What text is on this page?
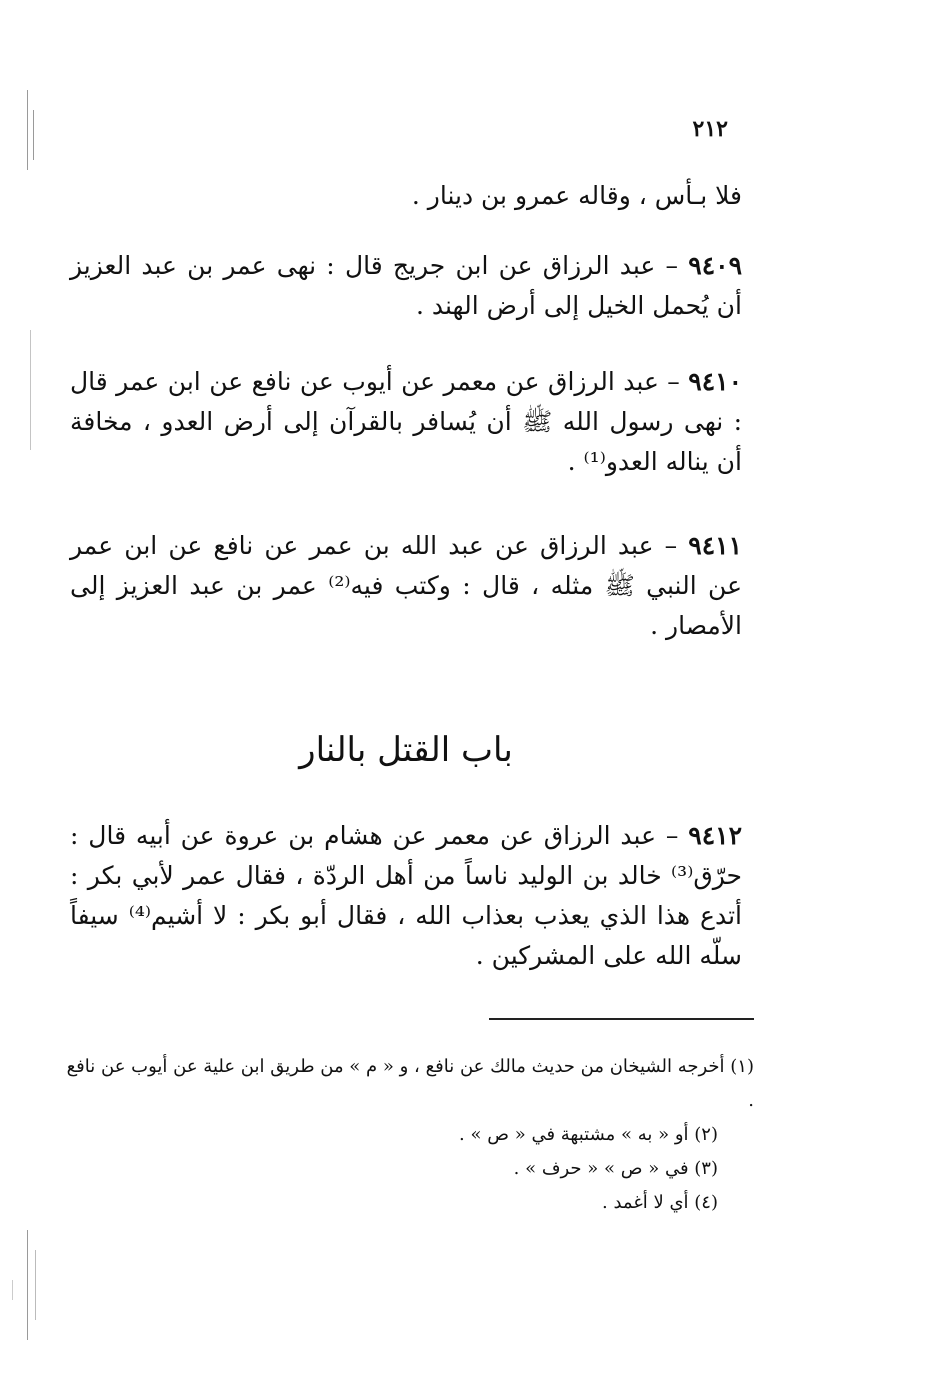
٢١٢

فلا بـأس ، وقاله عمرو بن دينار .

٩٤٠٩ – عبد الرزاق عن ابن جريج قال : نهى عمر بن عبد العزيز أن يُحمل الخيل إلى أرض الهند .

٩٤١٠ – عبد الرزاق عن معمر عن أيوب عن نافع عن ابن عمر قال : نهى رسول الله ﷺ أن يُسافر بالقرآن إلى أرض العدو ، مخافة أن يناله العدو⁽¹⁾ .

٩٤١١ – عبد الرزاق عن عبد الله بن عمر عن نافع عن ابن عمر عن النبي ﷺ مثله ، قال : وكتب فيه⁽²⁾ عمر بن عبد العزيز إلى الأمصار .

باب القتل بالنار

٩٤١٢ – عبد الرزاق عن معمر عن هشام بن عروة عن أبيه قال : حرّق⁽³⁾ خالد بن الوليد ناساً من أهل الردّة ، فقال عمر لأبي بكر : أتدع هذا الذي يعذب بعذاب الله ، فقال أبو بكر : لا أشيم⁽⁴⁾ سيفاً سلّه الله على المشركين .

(١) أخرجه الشيخان من حديث مالك عن نافع ، و « م » من طريق ابن علية عن أيوب عن نافع .
(٢) أو « به » مشتبهة في « ص » .
(٣) في « ص » « حرف » .
(٤) أي لا أغمد .
